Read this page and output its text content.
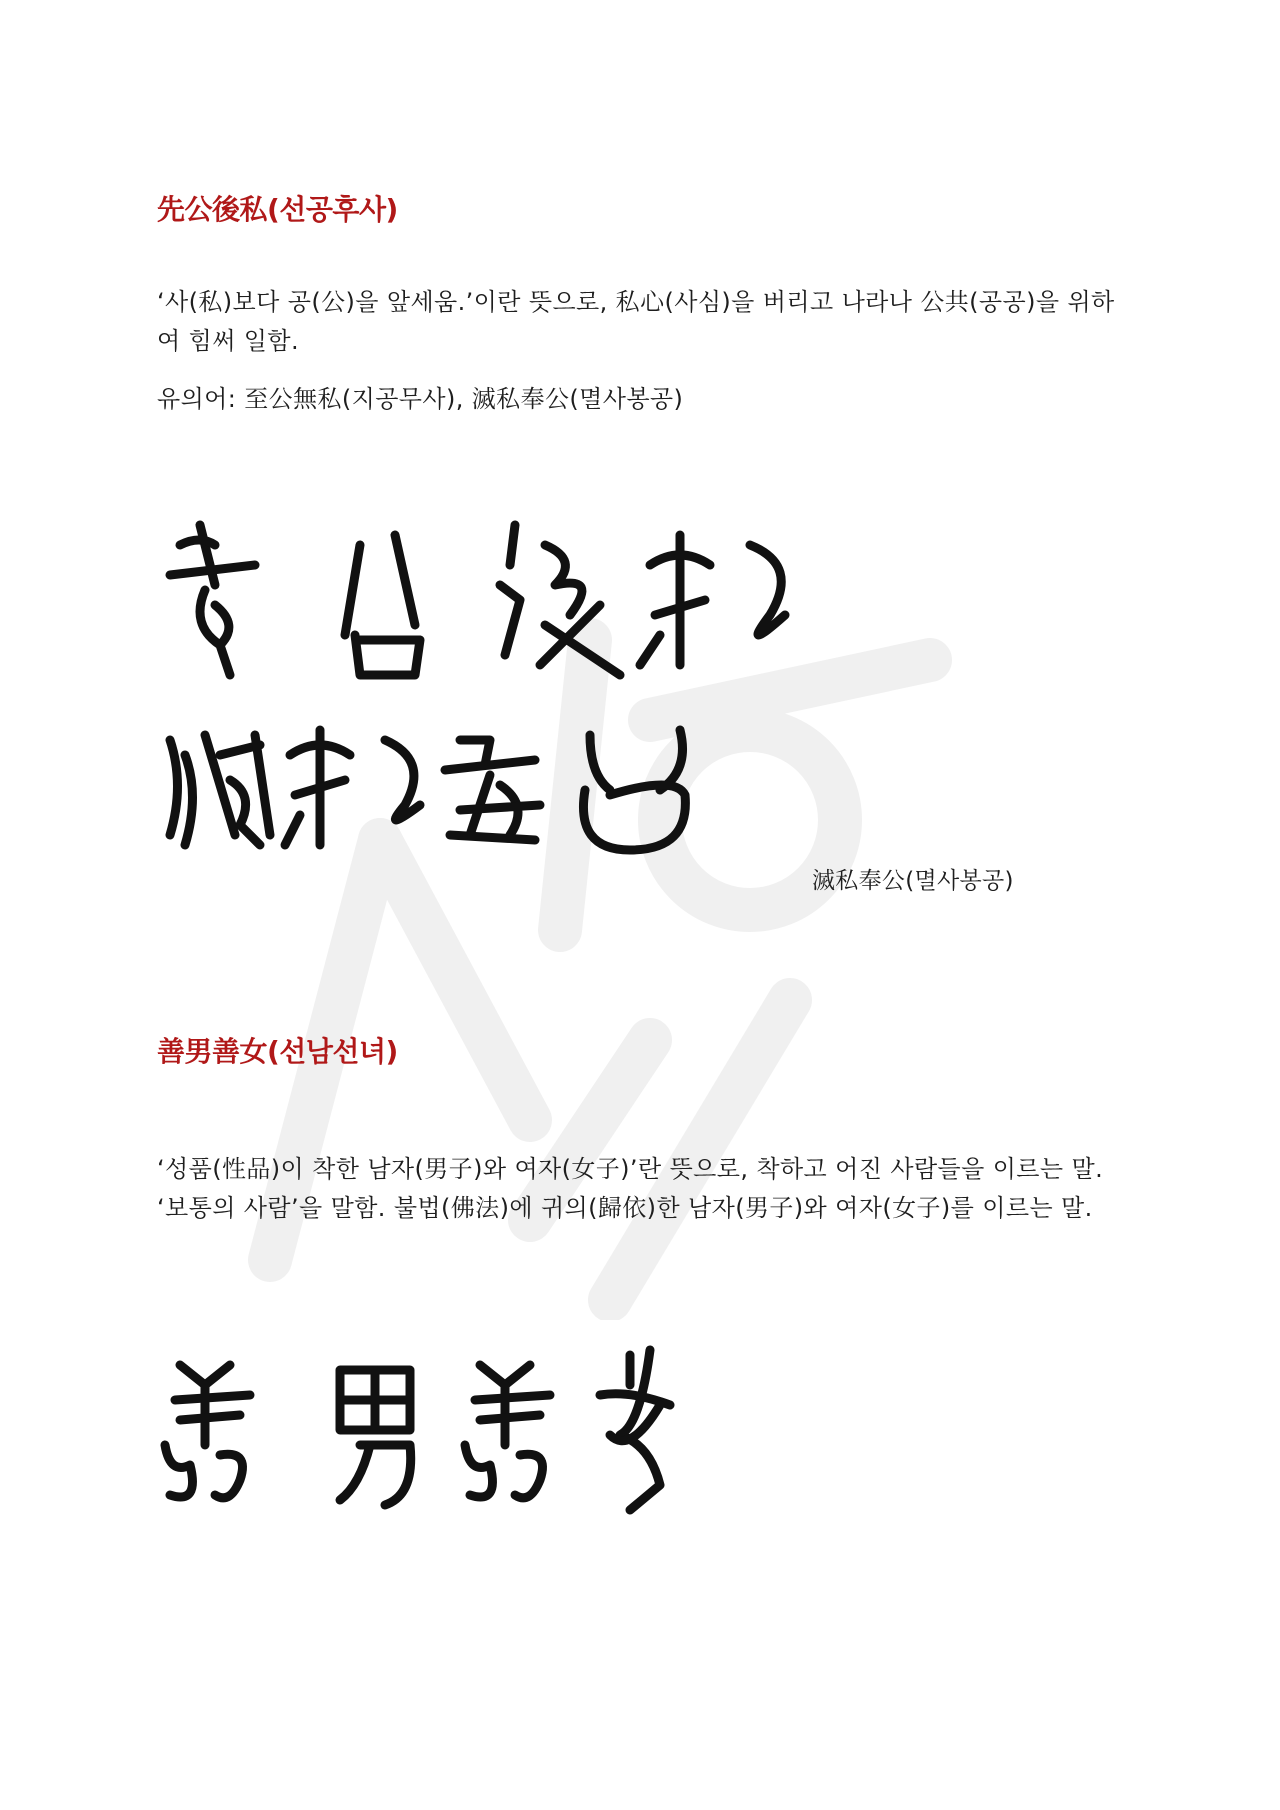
先公後私(선공후사)

‘사(私)보다 공(公)을 앞세움.’이란 뜻으로, 私心(사심)을 버리고 나라나 公共(공공)을 위하여 힘써 일함.

유의어: 至公無私(지공무사), 滅私奉公(멸사봉공)

滅私奉公(멸사봉공)
善男善女(선남선녀)

‘성품(性品)이 착한 남자(男子)와 여자(女子)’란 뜻으로, 착하고 어진 사람들을 이르는 말. ‘보통의 사람’을 말함. 불법(佛法)에 귀의(歸依)한 남자(男子)와 여자(女子)를 이르는 말.
